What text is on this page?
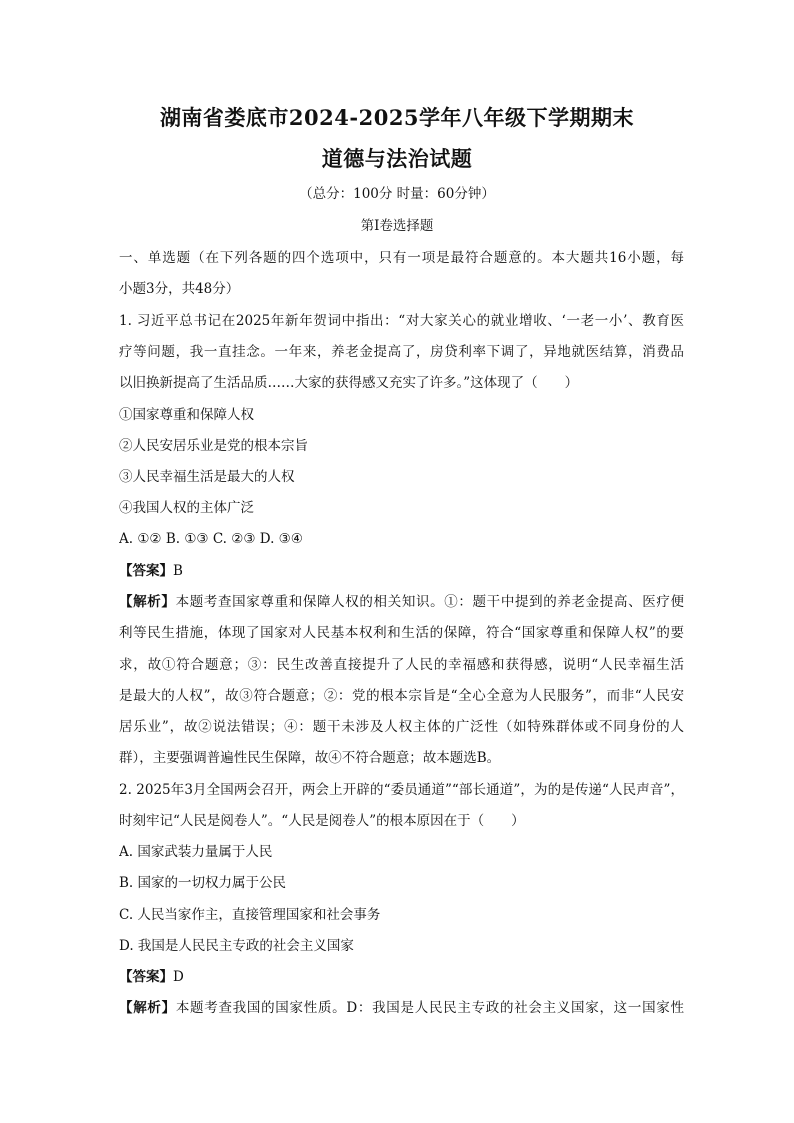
湖南省娄底市2024-2025学年八年级下学期期末
道德与法治试题
（总分：100分 时量：60分钟）
第I卷选择题
一、单选题（在下列各题的四个选项中，只有一项是最符合题意的。本大题共16小题，每
小题3分，共48分）
1. 习近平总书记在2025年新年贺词中指出：“对大家关心的就业增收、‘一老一小’、教育医
疗等问题，我一直挂念。一年来，养老金提高了，房贷利率下调了，异地就医结算，消费品
以旧换新提高了生活品质……大家的获得感又充实了许多。”这体现了（　　）
①国家尊重和保障人权
②人民安居乐业是党的根本宗旨
③人民幸福生活是最大的人权
④我国人权的主体广泛
A. ①② B. ①③ C. ②③ D. ③④
【答案】B
【解析】本题考查国家尊重和保障人权的相关知识。①：题干中提到的养老金提高、医疗便
利等民生措施，体现了国家对人民基本权利和生活的保障，符合“国家尊重和保障人权”的要
求，故①符合题意；③：民生改善直接提升了人民的幸福感和获得感，说明“人民幸福生活
是最大的人权”，故③符合题意；②：党的根本宗旨是“全心全意为人民服务”，而非“人民安
居乐业”，故②说法错误；④：题干未涉及人权主体的广泛性（如特殊群体或不同身份的人
群），主要强调普遍性民生保障，故④不符合题意；故本题选B。
2. 2025年3月全国两会召开，两会上开辟的“委员通道”“部长通道”，为的是传递“人民声音”，
时刻牢记“人民是阅卷人”。“人民是阅卷人”的根本原因在于（　　）
A. 国家武装力量属于人民
B. 国家的一切权力属于公民
C. 人民当家作主，直接管理国家和社会事务
D. 我国是人民民主专政的社会主义国家
【答案】D
【解析】本题考查我国的国家性质。D：我国是人民民主专政的社会主义国家，这一国家性
